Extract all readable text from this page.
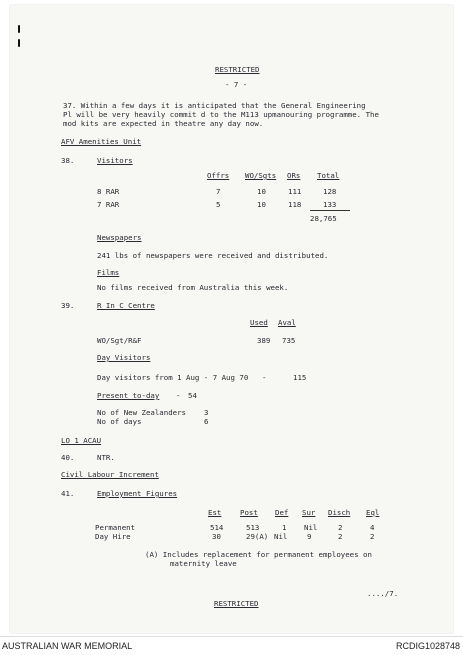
RESTRICTED
- 7 -
37. Within a few days it is anticipated that the General Engineering
Pl will be very heavily commit d to the M113 upmanouring programme. The
mod kits are expected in theatre any day now.
AFV Amenities Unit
38.	Visitors
Offrs WO/Sgts ORs Total
8 RAR	7	10	111	128
7 RAR	5	10	118	133
28,765
Newspapers
241 lbs of newspapers were received and distributed.
Films
No films received from Australia this week.
39.	R In C Centre
Used Aval
WO/Sgt/R&F	389 735
Day Visitors
Day visitors from 1 Aug - 7 Aug 70 -	115
Present to-day - 54
No of New Zealanders 3
No of days	6
LO 1 ACAU
40.	NTR.
Civil Labour Increment
41.	Employment Figures
Est	Post Def Sur Disch Eql
Permanent	514	513	1 Nil	2	4
Day Hire	30	29(A) Nil	9	2	2
(A) Includes replacement for permanent employees on
maternity leave
..../7.
RESTRICTED
AUSTRALIAN WAR MEMORIAL	RCDIG1028748
